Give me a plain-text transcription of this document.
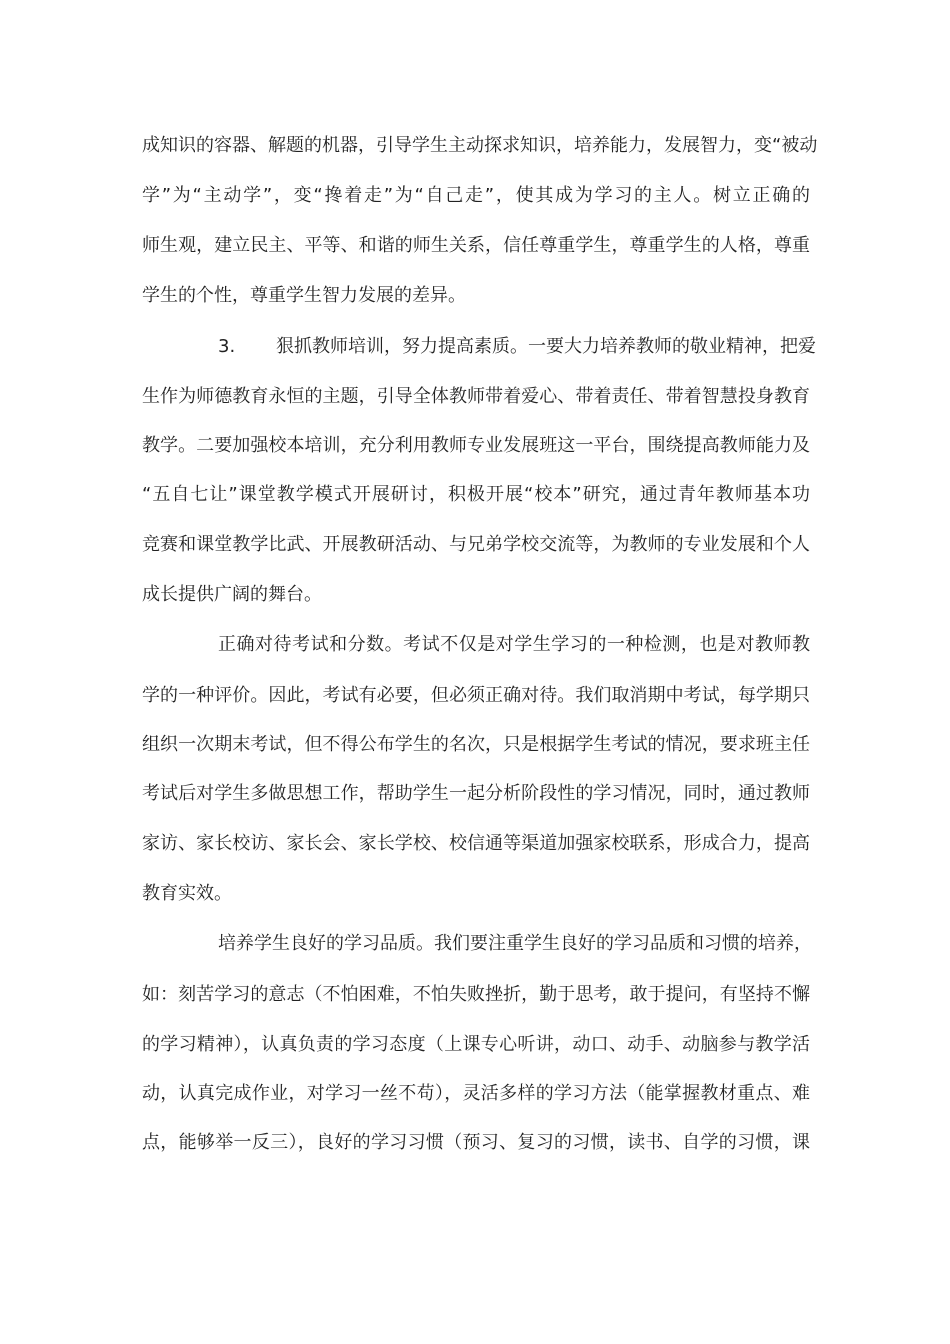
成知识的容器、解题的机器，引导学生主动探求知识，培养能力，发展智力，变“被动

学”为“主动学”，变“搀着走”为“自己走”，使其成为学习的主人。树立正确的

师生观，建立民主、平等、和谐的师生关系，信任尊重学生，尊重学生的人格，尊重

学生的个性，尊重学生智力发展的差异。

3. 狠抓教师培训，努力提高素质。一要大力培养教师的敬业精神，把爱

生作为师德教育永恒的主题，引导全体教师带着爱心、带着责任、带着智慧投身教育

教学。二要加强校本培训，充分利用教师专业发展班这一平台，围绕提高教师能力及

“五自七让”课堂教学模式开展研讨，积极开展“校本”研究，通过青年教师基本功

竞赛和课堂教学比武、开展教研活动、与兄弟学校交流等，为教师的专业发展和个人

成长提供广阔的舞台。

正确对待考试和分数。考试不仅是对学生学习的一种检测，也是对教师教

学的一种评价。因此，考试有必要，但必须正确对待。我们取消期中考试，每学期只

组织一次期末考试，但不得公布学生的名次，只是根据学生考试的情况，要求班主任

考试后对学生多做思想工作，帮助学生一起分析阶段性的学习情况，同时，通过教师

家访、家长校访、家长会、家长学校、校信通等渠道加强家校联系，形成合力，提高

教育实效。

培养学生良好的学习品质。我们要注重学生良好的学习品质和习惯的培养，

如：刻苦学习的意志（不怕困难，不怕失败挫折，勤于思考，敢于提问，有坚持不懈

的学习精神），认真负责的学习态度（上课专心听讲，动口、动手、动脑参与教学活

动，认真完成作业，对学习一丝不苟），灵活多样的学习方法（能掌握教材重点、难

点，能够举一反三），良好的学习习惯（预习、复习的习惯，读书、自学的习惯，课
